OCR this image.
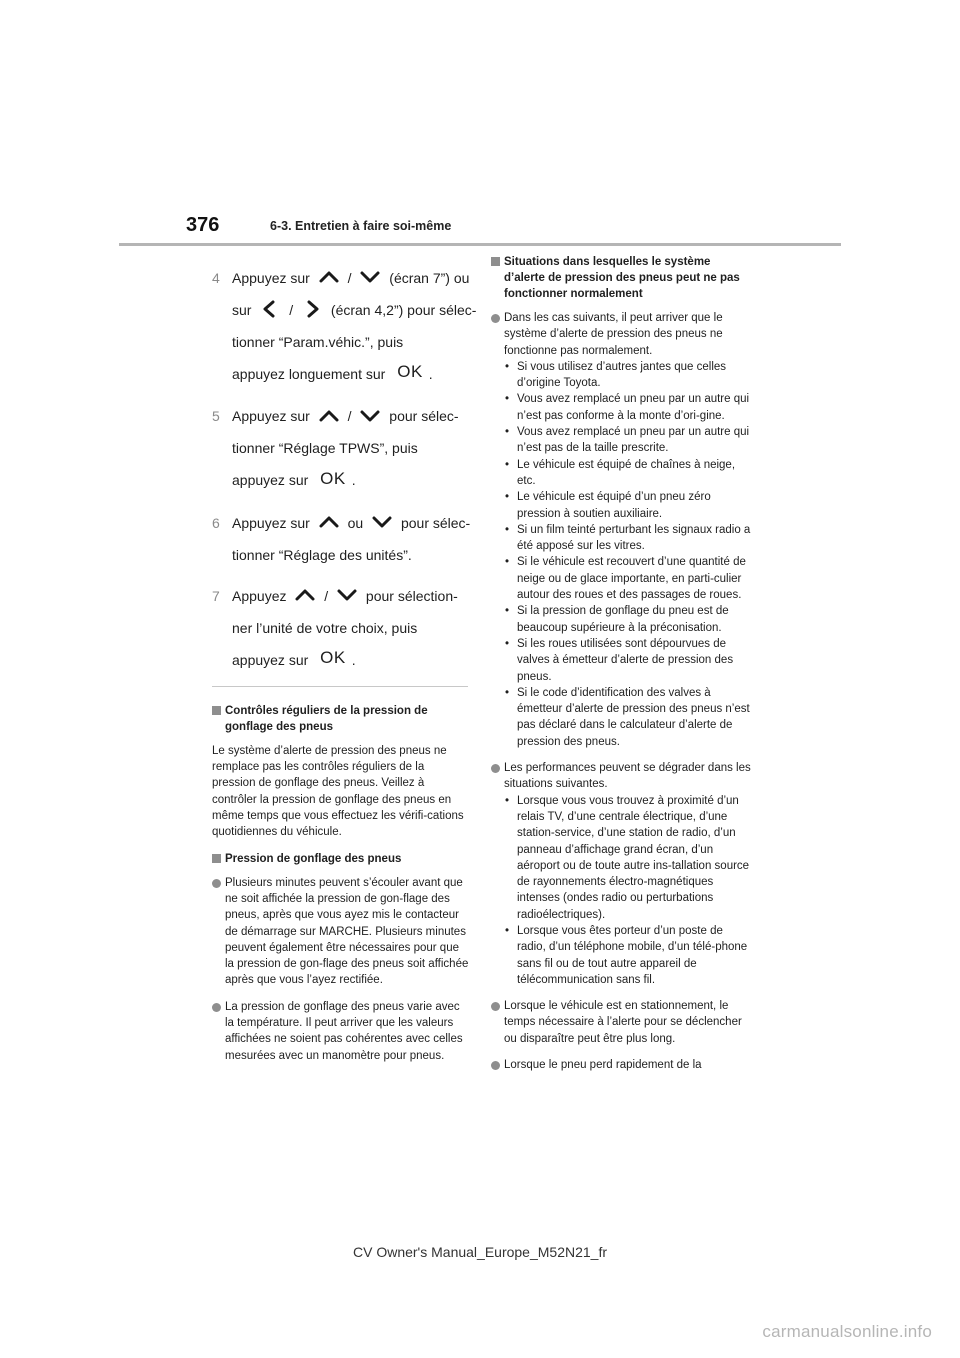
376	6-3. Entretien à faire soi-même
4 Appuyez sur
/
(écran 7”) ou
sur
/
(écran 4,2”) pour sélec-
tionner “Param.véhic.”, puis
appuyez longuement sur OK .
5 Appuyez sur
/
pour sélec-
tionner “Réglage TPWS”, puis
appuyez sur OK .
6 Appuyez sur
ou
pour sélec-
tionner “Réglage des unités”.
7 Appuyez
/
pour sélection-
ner l’unité de votre choix, puis
appuyez sur OK .
Contrôles réguliers de la pression de gonflage des pneus

Le système d’alerte de pression des pneus ne remplace pas les contrôles réguliers de la pression de gonflage des pneus. Veillez à contrôler la pression de gonflage des pneus en même temps que vous effectuez les vérifi-cations quotidiennes du véhicule.

Pression de gonflage des pneus
Plusieurs minutes peuvent s’écouler avant que ne soit affichée la pression de gon-flage des pneus, après que vous ayez mis le contacteur de démarrage sur MARCHE. Plusieurs minutes peuvent également être nécessaires pour que la pression de gon-flage des pneus soit affichée après que vous l’ayez rectifiée.
La pression de gonflage des pneus varie avec la température. Il peut arriver que les valeurs affichées ne soient pas cohérentes avec celles mesurées avec un manomètre pour pneus.
Situations dans lesquelles le système d’alerte de pression des pneus peut ne pas fonctionner normalement
Dans les cas suivants, il peut arriver que le système d’alerte de pression des pneus ne fonctionne pas normalement.
• Si vous utilisez d’autres jantes que celles d’origine Toyota.
• Vous avez remplacé un pneu par un autre qui n’est pas conforme à la monte d’ori-gine.
• Vous avez remplacé un pneu par un autre qui n’est pas de la taille prescrite.
• Le véhicule est équipé de chaînes à neige, etc.
• Le véhicule est équipé d’un pneu zéro pression à soutien auxiliaire.
• Si un film teinté perturbant les signaux radio a été apposé sur les vitres.
• Si le véhicule est recouvert d’une quantité de neige ou de glace importante, en parti-culier autour des roues et des passages de roues.
• Si la pression de gonflage du pneu est de beaucoup supérieure à la préconisation.
• Si les roues utilisées sont dépourvues de valves à émetteur d’alerte de pression des pneus.
• Si le code d’identification des valves à émetteur d’alerte de pression des pneus n’est pas déclaré dans le calculateur d’alerte de pression des pneus.
Les performances peuvent se dégrader dans les situations suivantes.
• Lorsque vous vous trouvez à proximité d’un relais TV, d’une centrale électrique, d’une station-service, d’une station de radio, d’un panneau d’affichage grand écran, d’un aéroport ou de toute autre ins-tallation source de rayonnements électro-magnétiques intenses (ondes radio ou perturbations radioélectriques).
• Lorsque vous êtes porteur d’un poste de radio, d’un téléphone mobile, d’un télé-phone sans fil ou de tout autre appareil de télécommunication sans fil.
Lorsque le véhicule est en stationnement, le temps nécessaire à l’alerte pour se déclencher ou disparaître peut être plus long.
Lorsque le pneu perd rapidement de la
CV Owner's Manual_Europe_M52N21_fr
carmanualsonline.info
